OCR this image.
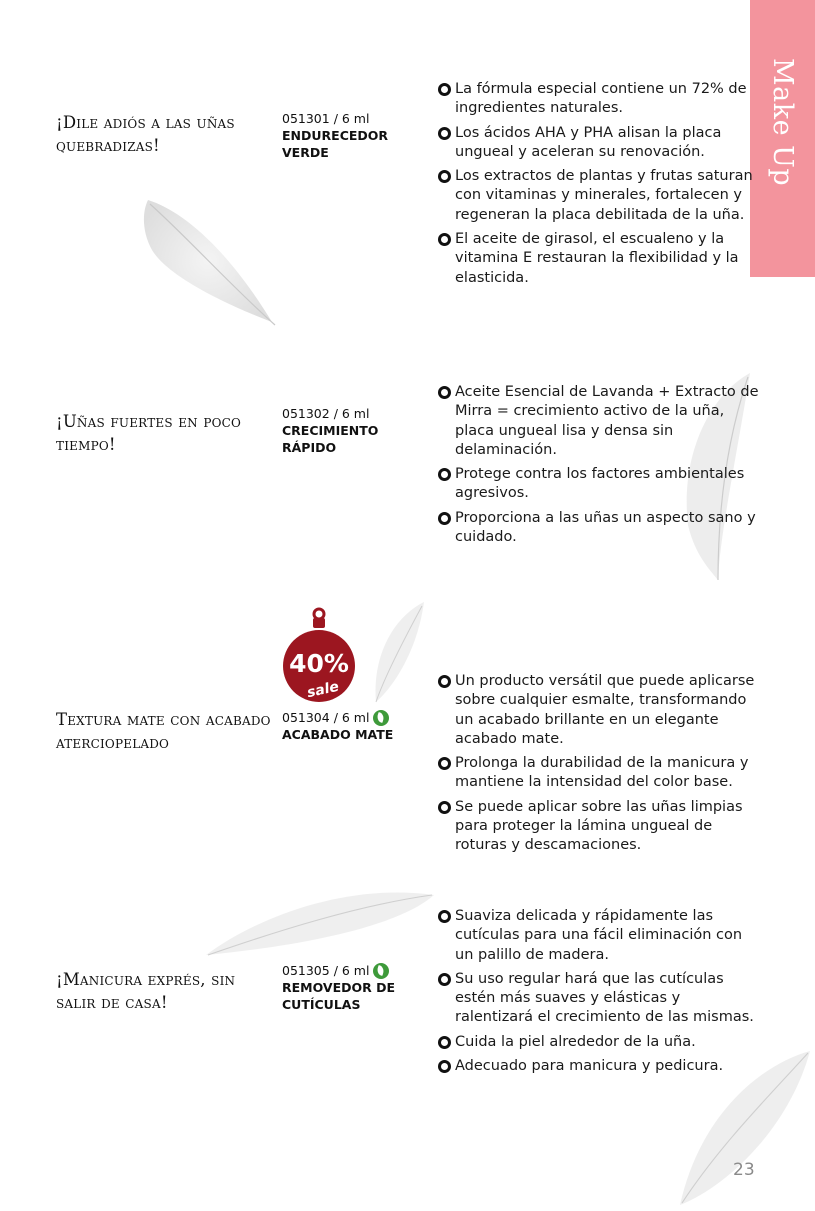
Make Up
¡Dile adiós a las uñas quebradizas!
051301 / 6 ml
ENDURECEDOR VERDE
La fórmula especial contiene un 72% de ingredientes naturales.
Los ácidos AHA y PHA alisan la placa ungueal y aceleran su renovación.
Los extractos de plantas y frutas saturan con vitaminas y minerales, fortalecen y regeneran la placa debilitada de la uña.
El aceite de girasol, el escualeno y la vitamina E restauran la flexibilidad y la elasticida.
¡Uñas fuertes en poco tiempo!
051302 / 6 ml
CRECIMIENTO RÁPIDO
Aceite Esencial de Lavanda + Extracto de Mirra = crecimiento activo de la uña, placa ungueal lisa y densa sin delaminación.
Protege contra los factores ambientales agresivos.
Proporciona a las uñas un aspecto sano y cuidado.
40%
sale
Textura mate con acabado aterciopelado
051304 / 6 ml
ACABADO MATE
Un producto versátil que puede aplicarse sobre cualquier esmalte, transformando un acabado brillante en un elegante acabado mate.
Prolonga la durabilidad de la manicura y mantiene la intensidad del color base.
Se puede aplicar sobre las uñas limpias para proteger la lámina ungueal de roturas y descamaciones.
¡Manicura exprés, sin salir de casa!
051305 / 6 ml
REMOVEDOR DE CUTÍCULAS
Suaviza delicada y rápidamente las cutículas para una fácil eliminación con un palillo de madera.
Su uso regular hará que las cutículas estén más suaves y elásticas y ralentizará el crecimiento de las mismas.
Cuida la piel alrededor de la uña.
Adecuado para manicura y pedicura.
23
